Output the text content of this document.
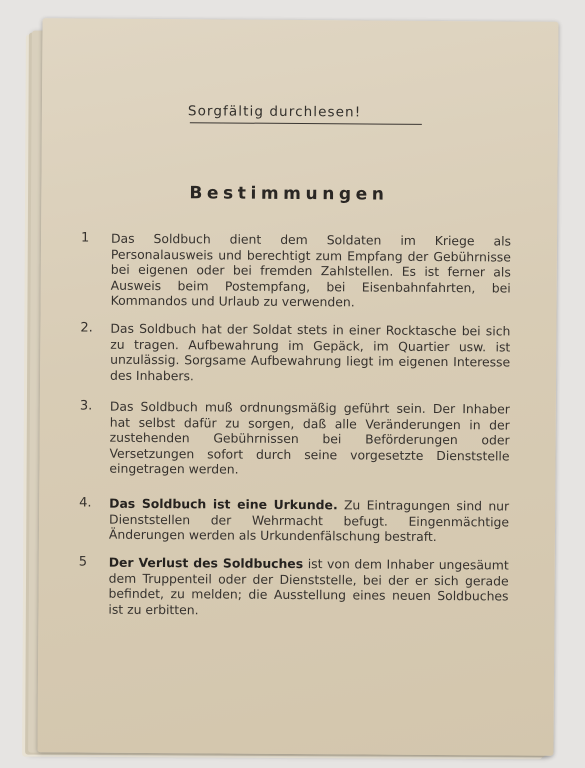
Sorgfältig durchlesen!
Bestimmungen
1 Das Soldbuch dient dem Soldaten im Kriege als Personalausweis und berechtigt zum Empfang der Gebührnisse bei eigenen oder bei fremden Zahlstellen. Es ist ferner als Ausweis beim Postempfang, bei Eisenbahnfahrten, bei Kommandos und Urlaub zu verwenden.
2. Das Soldbuch hat der Soldat stets in einer Rocktasche bei sich zu tragen. Aufbewahrung im Gepäck, im Quartier usw. ist unzulässig. Sorgsame Aufbewahrung liegt im eigenen Interesse des Inhabers.
3. Das Soldbuch muß ordnungsmäßig geführt sein. Der Inhaber hat selbst dafür zu sorgen, daß alle Veränderungen in der zustehenden Gebührnissen bei Beförderungen oder Versetzungen sofort durch seine vorgesetzte Dienststelle eingetragen werden.
4. Das Soldbuch ist eine Urkunde. Zu Eintragungen sind nur Dienststellen der Wehrmacht befugt. Eingenmächtige Änderungen werden als Urkundenfälschung bestraft.
5 Der Verlust des Soldbuches ist von dem Inhaber ungesäumt dem Truppenteil oder der Dienststelle, bei der er sich gerade befindet, zu melden; die Ausstellung eines neuen Soldbuches ist zu erbitten.
